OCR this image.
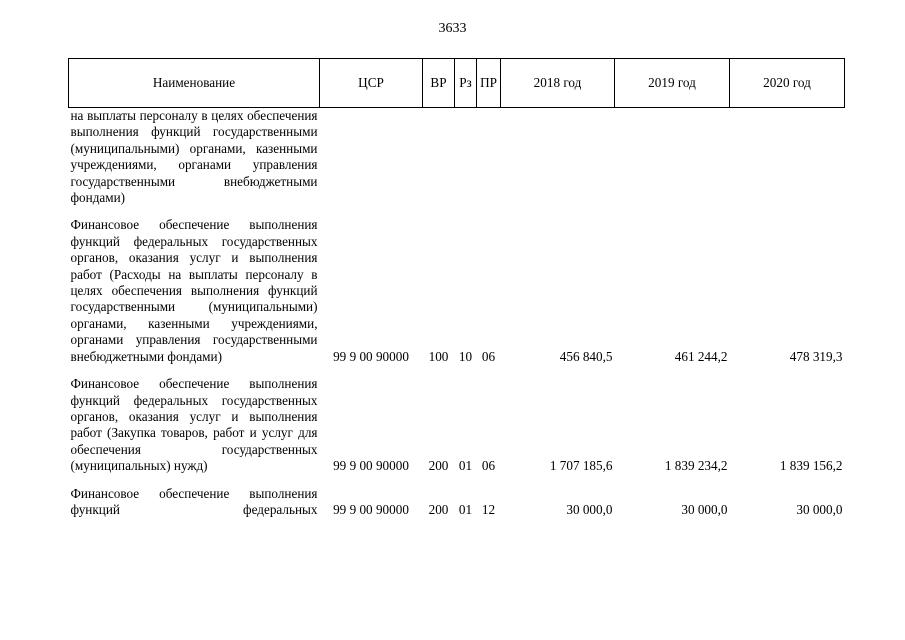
3633
Наименование	ЦСР	ВР	Рз	ПР	2018 год	2019 год	2020 год

на выплаты персоналу в целях обеспечения выполнения функций государственными (муниципальными) органами, казенными учреждениями, органами управления государственными внебюджетными фондами)							

Финансовое обеспечение выполнения функций федеральных государственных органов, оказания услуг и выполнения работ (Расходы на выплаты персоналу в целях обеспечения выполнения функций государственными (муниципальными) органами, казенными учреждениями, органами управления государственными внебюджетными фондами)	99 9 00 90000	100	10	06	456 840,5	461 244,2	478 319,3

Финансовое обеспечение выполнения функций федеральных государственных органов, оказания услуг и выполнения работ (Закупка товаров, работ и услуг для обеспечения государственных (муниципальных) нужд)	99 9 00 90000	200	01	06	1 707 185,6	1 839 234,2	1 839 156,2

Финансовое обеспечение выполнения функций федеральных	99 9 00 90000	200	01	12	30 000,0	30 000,0	30 000,0
